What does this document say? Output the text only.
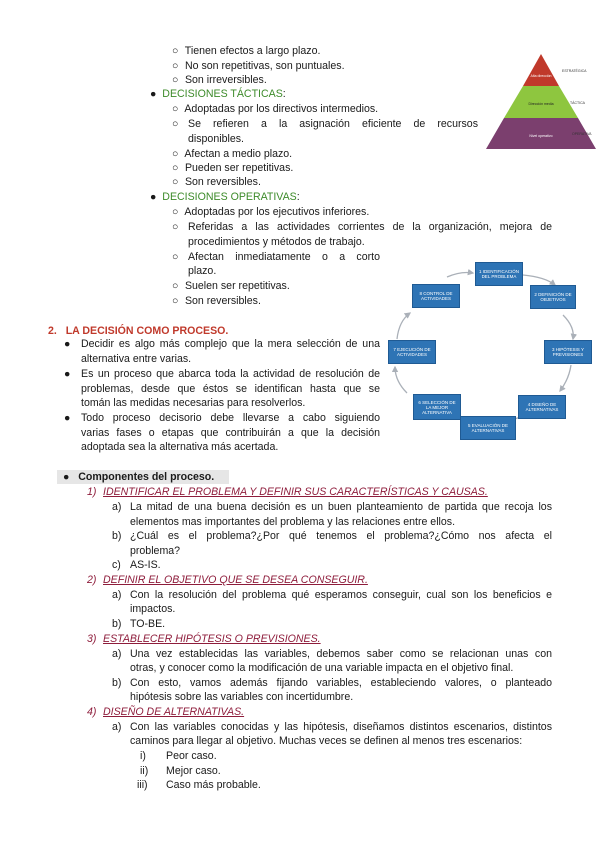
○ Tienen efectos a largo plazo.
○ No son repetitivas, son puntuales.
○ Son irreversibles.
● DECISIONES TÁCTICAS:
○ Adoptadas por los directivos intermedios.
○ Se refieren a la asignación eficiente de recursos
disponibles.
○ Afectan a medio plazo.
○ Pueden ser repetitivas.
○ Son reversibles.
● DECISIONES OPERATIVAS:
○ Adoptadas por los ejecutivos inferiores.
○ Referidas a las actividades corrientes de la organización, mejora de
procedimientos y métodos de trabajo.
○ Afectan inmediatamente o a corto
plazo.
○ Suelen ser repetitivas.
○ Son reversibles.
Alta dirección
Dirección media
Nivel operativo
ESTRATÉGICA
TÁCTICA
OPERATIVA
1 IDENTIFICACIÓN DEL PROBLEMA
2 DEFINICIÓN DE OBJETIVOS
3 HIPÓTESIS Y PREVISIONES
4 DISEÑO DE ALTERNATIVAS
5 EVALUACIÓN DE ALTERNATIVAS
6 SELECCIÓN DE LA MEJOR ALTERNATIVA
7 EJECUCIÓN DE ACTIVIDADES
8 CONTROL DE ACTIVIDADES
2. LA DECISIÓN COMO PROCESO.
● Decidir es algo más complejo que la mera selección de una
alternativa entre varias.
● Es un proceso que abarca toda la actividad de resolución de
problemas, desde que éstos se identifican hasta que se
tomán las medidas necesarias para resolverlos.
● Todo proceso decisorio debe llevarse a cabo siguiendo
varias fases o etapas que contribuirán a que la decisión
adoptada sea la alternativa más acertada.
● Componentes del proceso.
1) IDENTIFICAR EL PROBLEMA Y DEFINIR SUS CARACTERÍSTICAS Y CAUSAS.
a) La mitad de una buena decisión es un buen planteamiento de partida que recoja los
elementos mas importantes del problema y las relaciones entre ellos.
b) ¿Cuál es el problema?¿Por qué tenemos el problema?¿Cómo nos afecta el
problema?
c) AS-IS.
2) DEFINIR EL OBJETIVO QUE SE DESEA CONSEGUIR.
a) Con la resolución del problema qué esperamos conseguir, cual son los beneficios e
impactos.
b) TO-BE.
3) ESTABLECER HIPÓTESIS O PREVISIONES.
a) Una vez establecidas las variables, debemos saber como se relacionan unas con
otras, y conocer como la modificación de una variable impacta en el objetivo final.
b) Con esto, vamos además fijando variables, estableciendo valores, o planteado
hipótesis sobre las variables con incertidumbre.
4) DISEÑO DE ALTERNATIVAS.
a) Con las variables conocidas y las hipótesis, diseñamos distintos escenarios, distintos
caminos para llegar al objetivo. Muchas veces se definen al menos tres escenarios:
i) Peor caso.
ii) Mejor caso.
iii) Caso más probable.
